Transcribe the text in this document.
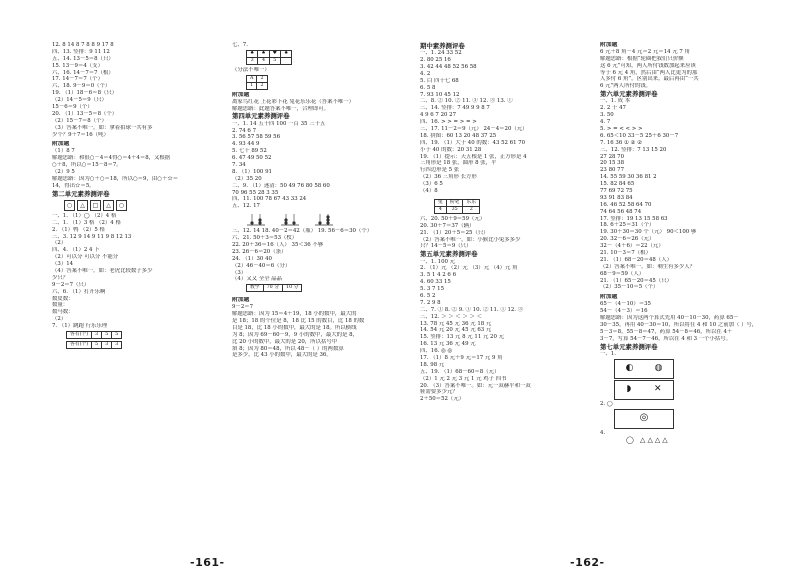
12. 8 14 8 7 8 8 9 17 8
四、13. 竖排：9 11 12
五、14. 13－5＝8（只）
15. 13－9＝4（支）
六、16. 14－7＝7（根）
17. 14－7＝7（个）
六、18. 9－9＝0（个）
19. （1）18－6＝8（只）
（2）14－5＝9（只）
15－6＝9（个）
20. （1）13－5＝8（个）
（2）15－7＝8（个）
（3）答案不唯一。如：拿着拍球一共有多
少个？9＋7＝16（吨）
附加题
（1）8 7
解题思路：和很○－4＝4得○＝4＋4＝8，又根据
○＋8，所以○＝15－8＝7。
（2）9 5
解题思路：因为○＋○＝18，所以○＝9，由○＋☆＝
14，得出☆＝5。
第二单元素养测评卷
○	△	□	△	○
一、1. （1）◯ （2）4 格
二、1. （1）3 格 （2）4 格
2. （1）鸭 （2）5 格
三、3. 12 9 14 9 11 9 8 12 13
（2）
四、4. （1）2 4 下
（2）可以分 可以分 不能分
（3）14
（4）答案不唯一。如：老虎比较数子多少
少只？
9－2＝7（只）
六、6. （1）打开乐啊
数皮数：
数量：
数马数：
（2）
7. （1）跳跑 行乐乐理
各有(个)	3	5	5
各有(个)	5	3	3
七、7.
♠	♠	♥	♠
3	4	5	
（分法不唯一）
A	2
1	2
附加题
离家鸟红花 上花彩下花 兔花乐乐花（答案不唯一）
解题思路：此题答案不唯一，合理即可。
第四单元素养测评卷
一、1. 14 五十四 100 一百 35 三十五
2. 74 6 7
3. 56 57 58 59 56
4. 93 44 9
5. 七十 89 52
6. 47 49 50 52
7. 34
8. （1）100 91
（2）35 20
二、9. （1）迷清：50 49 76 80 58 60
70 96 55 28 3 35
四、11. 100 78 67 43 33 24
五、12. 17
三、12. 14 18. 40－2＝42（瓶） 19. 56－6＝30（个）
六、21. 50＋3＝53（枚）
22. 20＋36＝16（人） 35＜36 不够
23. 26－6＝20（条）
24. （1）30 40
（2）46－40＝6（分）
（3）
（4）又又 全全 晶晶
数学	70 分	10 分
附加题
9－2＝7
解题思路：因为 15＝4＋19，18 小的数中，最大的
是 18；18 的个位是 8，18 比 15 的数目，比 18 的数
目是 18，比 18 小的数中，最大的是 18。所以横线
为 8；因为 69－60－9，9 小的数中，最大的是 8，
比 20 小的数中，最大的是 20，所以括号中
填 8；因为 80＝48，所以 48－（ ）的两数算
是多少，比 43 小的数中，最大的是 36。
-161-
期中素养测评卷
一、1. 24 33 52
2. 80 25 16
3. 42 44 48 52 56 58
4. 2
5. 白 四十七 68
6. 5 8
7. 93 10 45 12
二、8. ② 10. ② 11. ③ 12. ③ 13. ①
三、14. 竖排：7 49 9 9 8 7
4 9 6 7 20 27
四、16. > > = > = >
三、17. 11－2＝9（元） 24－4＝20（元）
18. 拼图：60 13 20 48 37 25
四、19. （1）大于 40 的数：43 52 61 70
小于 40 的数：20 31 28
19. （1）提示：天五根是 1 张，正方形是 4
三角形是 18 张，圆形 8 张，平
行四边形是 5 张
（2）36 三角形 长方形
（3）6 5
（4）8
兔	粉笔	乐乐
4	35	2
六、20. 50＋9＝59（元）
20. 30＋7＝37（辆）
21. （1）20＋5＝25（只）
（2）答案不唯一，如：小猴比小兔多多少
只？14－5＝9（只）
第五单元素养测评卷
一、1. 100 元
2. （1）元 （2）元 （3）元 （4）元 角
3. 5 1 4 2 6 6
4. 60 33 15
5. 3 7 15
6. 5 2
7. 2 9 8
二、7. ① 8. ② 9. ① 10. ② 11. ① 12. ③
三、12. ＞ ＞ ＜ ＞ ＞ ＜
13. 78 元 45 元 36 元 18 元
14. 54 元 20 元 45 元 63 元
15. 竖排：13 元 8 元 11 元 20 元
16. 13 元 36 元 49 元
四、16. ◎ ◎
17. （1）8 元＋9 元＝17 元 9 角
18. 98 元
五、19. （1）68－60＝8（元）
（2）1 元 2 元 3 元 1 元 鸡子 四书
20. （3）答案不唯一。如：元一双赫平和一双
鞋需要多少元？
2＋50＝52（元）
附加题
6 元＋8 角－4 元＝2 元＝14 元 7 角
解题思路：根据“轮圈把我们只价额
这 6 元”可知，两人所付钱数加起来应该
等于 6 元 4 角，然后由“两人比更为的那
人多付 6 角”，区别出来，最后再由“一共
6 元”两人所付的钱。
第六单元素养测评卷
一、1. 成 本
2. 2 十 47
3. 50
4. 7
5. > = < < > >
6. 65＜10 33－5 25＋6 30－7
7. 16 36 ① ② ②
三、12. 竖排：7 13 15 20
27 28 70
20 15 38
23 80 77
14. 55 59 30 36 81 2
15. 82 84 65
77 69 72 75
93 91 83 84
16. 46 52 58 64 70
74 64 56 48 74
17. 竖排：19 13 15 58 63
18. 6＋25＝31（个）
19. 30＋30＝30 个（元） 90＜100 够
20. 32－6＝26（元）
32－（4＋6）＝22（元）
21. 10－3＝7（根）
21. （1）68－20＝48（人）
（2）答案不唯一。如：剩生有多少人？
68－9＝59（人）
21. （1）65－20＝45（只）
（2）35－10＝5（个）
附加题
65－（4－10）＝35
54－（4－3）＝16
解题思路：因为这两个算式先用 40－10－30，药算 65－
30－35，再用 40－30＝10，所以将在 4 和 10 之前加（ ）号，
5－3＝8，55－8＝47，药算 54－8＝46，所以在 4＋
3－7，写算 54－7－46，所以在 4 和 3 一个小括号。
第七单元素养测评卷
一、1.
◐ ◍
◗	✕
2. ◯
◎
4.
◯ △△△△
-162-
